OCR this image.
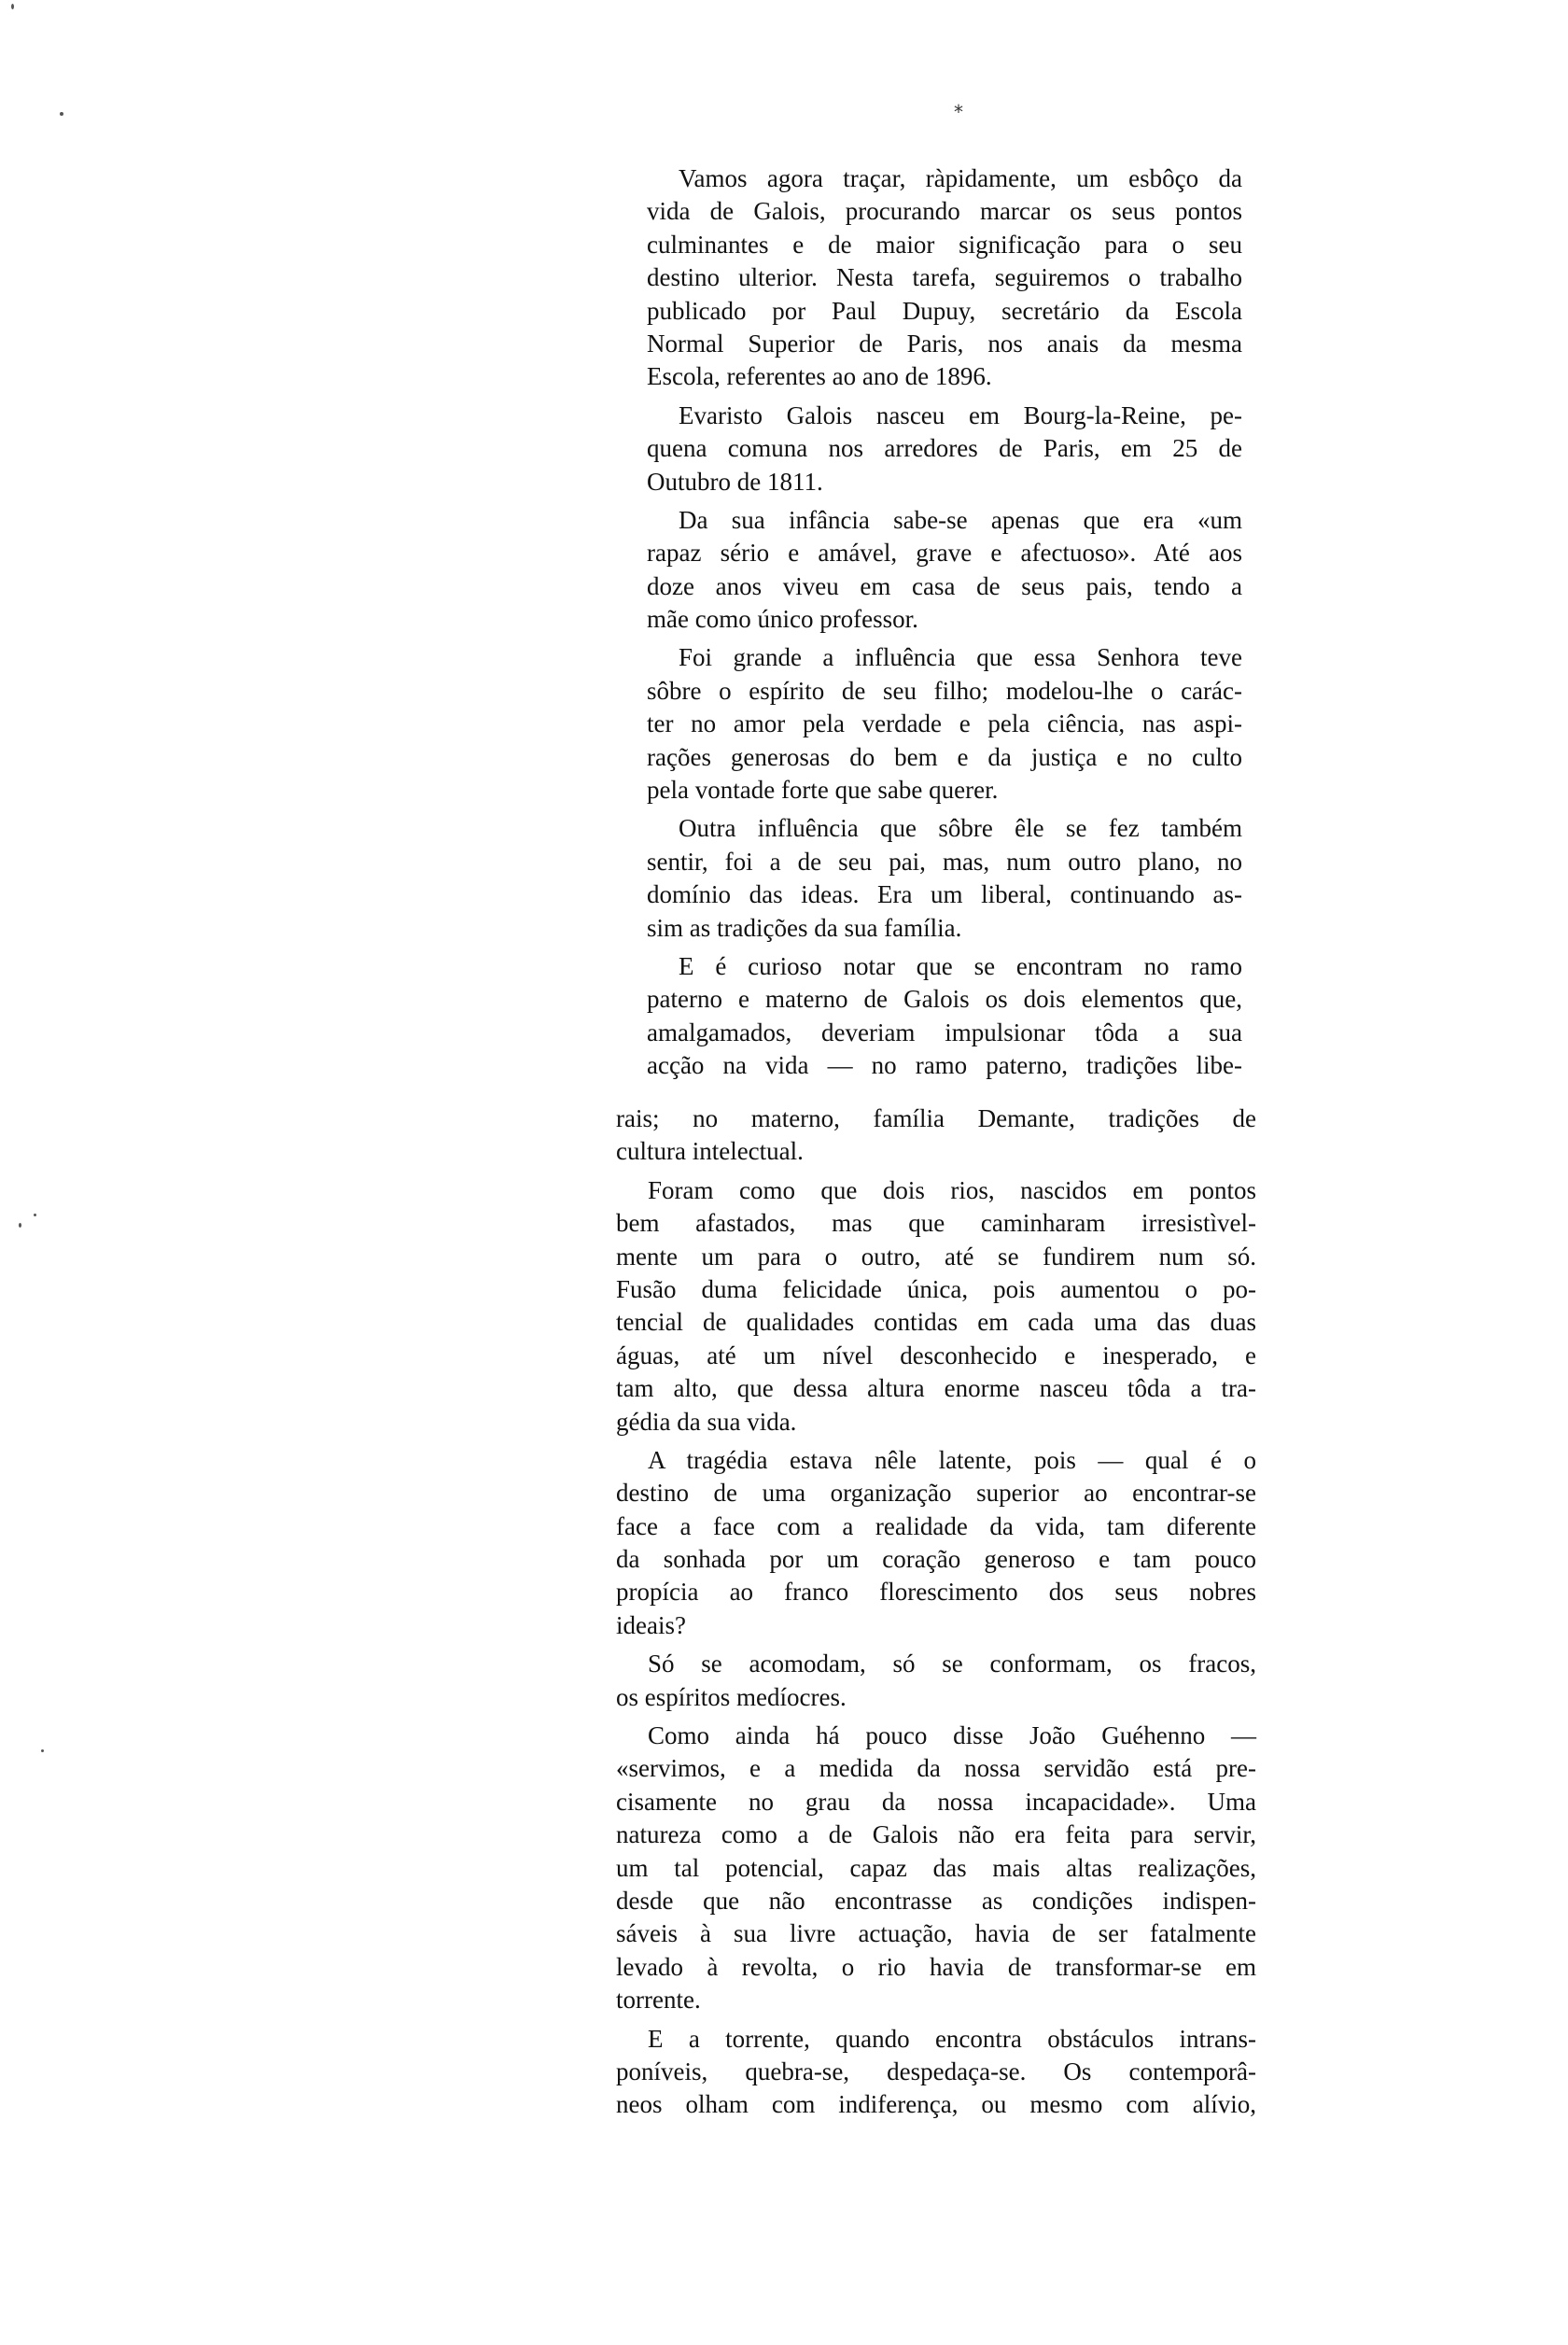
*
Vamos agora traçar, ràpidamente, um esbôço da
vida de Galois, procurando marcar os seus pontos
culminantes e de maior significação para o seu
destino ulterior. Nesta tarefa, seguiremos o trabalho
publicado por Paul Dupuy, secretário da Escola
Normal Superior de Paris, nos anais da mesma
Escola, referentes ao ano de 1896.
Evaristo Galois nasceu em Bourg-la-Reine, pe-
quena comuna nos arredores de Paris, em 25 de
Outubro de 1811.
Da sua infância sabe-se apenas que era «um
rapaz sério e amável, grave e afectuoso». Até aos
doze anos viveu em casa de seus pais, tendo a
mãe como único professor.
Foi grande a influência que essa Senhora teve
sôbre o espírito de seu filho; modelou-lhe o carác-
ter no amor pela verdade e pela ciência, nas aspi-
rações generosas do bem e da justiça e no culto
pela vontade forte que sabe querer.
Outra influência que sôbre êle se fez também
sentir, foi a de seu pai, mas, num outro plano, no
domínio das ideas. Era um liberal, continuando as-
sim as tradições da sua família.
E é curioso notar que se encontram no ramo
paterno e materno de Galois os dois elementos que,
amalgamados, deveriam impulsionar tôda a sua
acção na vida — no ramo paterno, tradições libe-
rais; no materno, família Demante, tradições de
cultura intelectual.
Foram como que dois rios, nascidos em pontos
bem afastados, mas que caminharam irresistìvel-
mente um para o outro, até se fundirem num só.
Fusão duma felicidade única, pois aumentou o po-
tencial de qualidades contidas em cada uma das duas
águas, até um nível desconhecido e inesperado, e
tam alto, que dessa altura enorme nasceu tôda a tra-
gédia da sua vida.
A tragédia estava nêle latente, pois — qual é o
destino de uma organização superior ao encontrar-se
face a face com a realidade da vida, tam diferente
da sonhada por um coração generoso e tam pouco
propícia ao franco florescimento dos seus nobres
ideais?
Só se acomodam, só se conformam, os fracos,
os espíritos medíocres.
Como ainda há pouco disse João Guéhenno —
«servimos, e a medida da nossa servidão está pre-
cisamente no grau da nossa incapacidade». Uma
natureza como a de Galois não era feita para servir,
um tal potencial, capaz das mais altas realizações,
desde que não encontrasse as condições indispen-
sáveis à sua livre actuação, havia de ser fatalmente
levado à revolta, o rio havia de transformar-se em
torrente.
E a torrente, quando encontra obstáculos intrans-
poníveis, quebra-se, despedaça-se. Os contemporâ-
neos olham com indiferença, ou mesmo com alívio,
